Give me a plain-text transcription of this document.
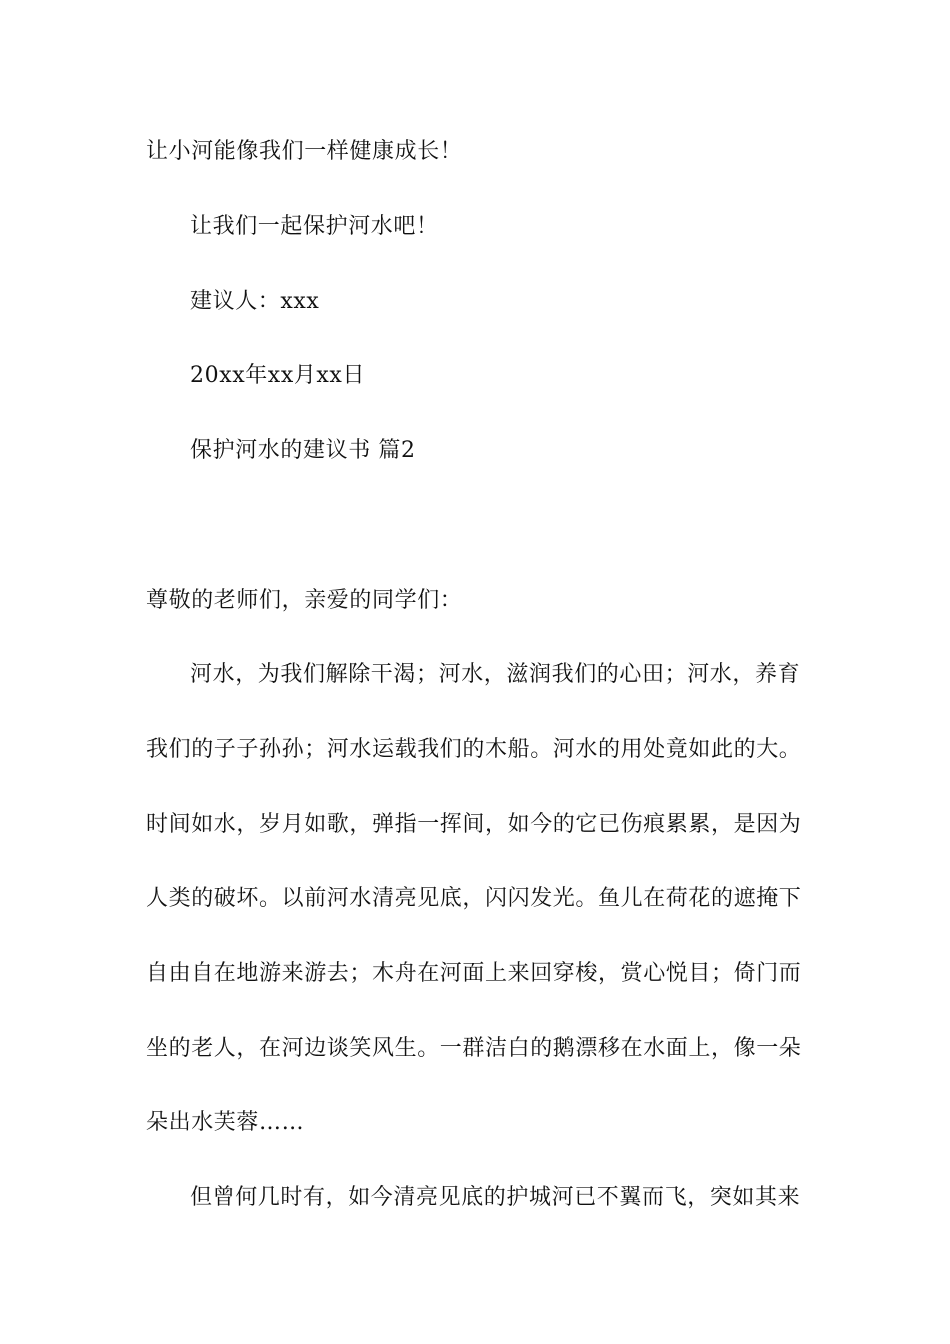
让小河能像我们一样健康成长！
让我们一起保护河水吧！
建议人：xxx
20xx年xx月xx日
保护河水的建议书 篇2
尊敬的老师们，亲爱的同学们：
河水，为我们解除干渴；河水，滋润我们的心田；河水，养育
我们的子子孙孙；河水运载我们的木船。河水的用处竟如此的大。
时间如水，岁月如歌，弹指一挥间，如今的它已伤痕累累，是因为
人类的破坏。以前河水清亮见底，闪闪发光。鱼儿在荷花的遮掩下
自由自在地游来游去；木舟在河面上来回穿梭，赏心悦目；倚门而
坐的老人，在河边谈笑风生。一群洁白的鹅漂移在水面上，像一朵
朵出水芙蓉……
但曾何几时有，如今清亮见底的护城河已不翼而飞，突如其来
